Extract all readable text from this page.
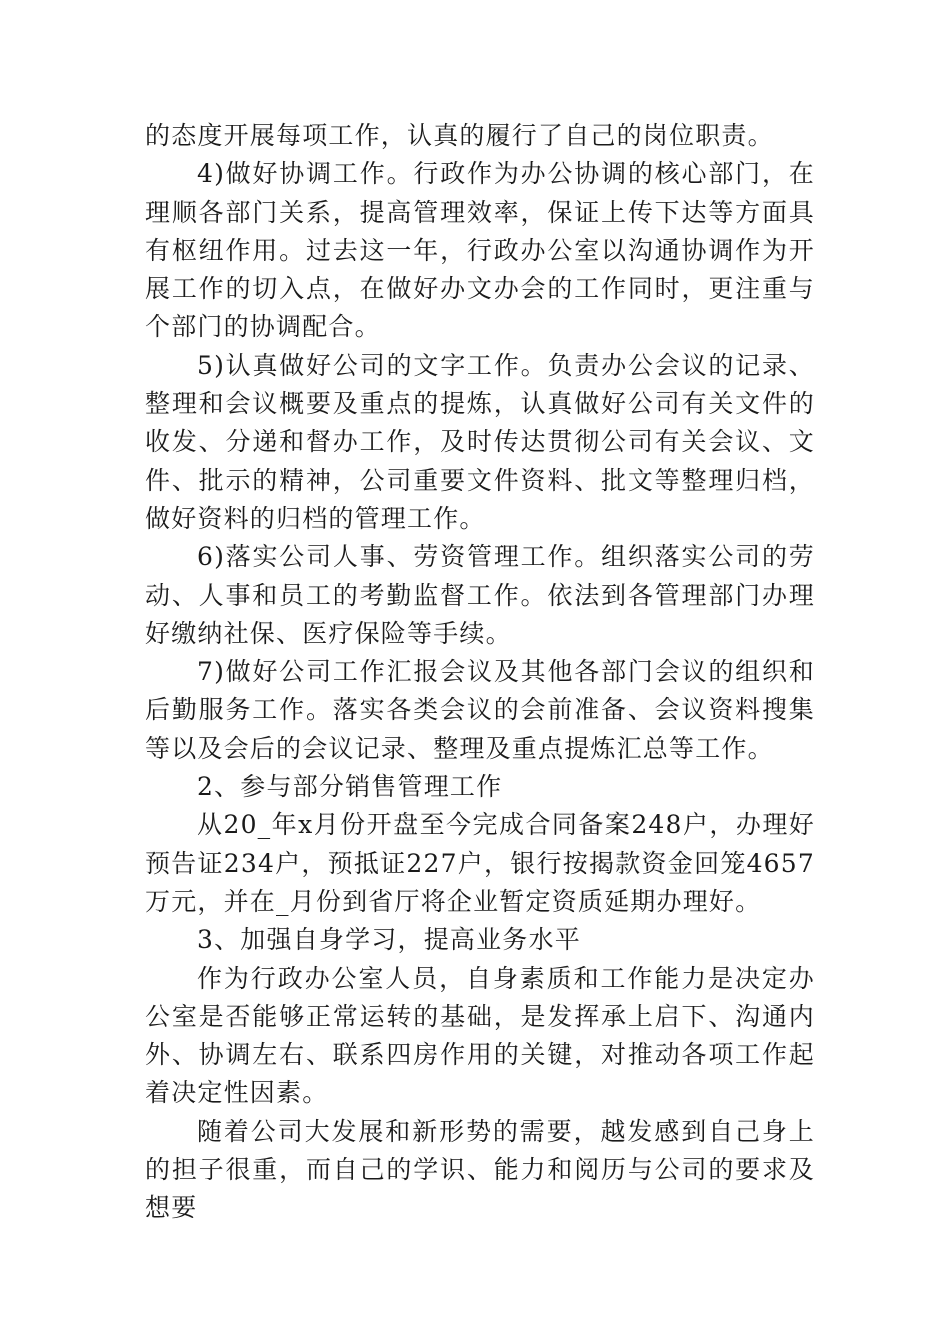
的态度开展每项工作，认真的履行了自己的岗位职责。

4)做好协调工作。行政作为办公协调的核心部门，在理顺各部门关系，提高管理效率，保证上传下达等方面具有枢纽作用。过去这一年，行政办公室以沟通协调作为开展工作的切入点，在做好办文办会的工作同时，更注重与个部门的协调配合。

5)认真做好公司的文字工作。负责办公会议的记录、整理和会议概要及重点的提炼，认真做好公司有关文件的收发、分递和督办工作，及时传达贯彻公司有关会议、文件、批示的精神，公司重要文件资料、批文等整理归档，做好资料的归档的管理工作。

6)落实公司人事、劳资管理工作。组织落实公司的劳动、人事和员工的考勤监督工作。依法到各管理部门办理好缴纳社保、医疗保险等手续。

7)做好公司工作汇报会议及其他各部门会议的组织和后勤服务工作。落实各类会议的会前准备、会议资料搜集等以及会后的会议记录、整理及重点提炼汇总等工作。

2、参与部分销售管理工作

从20_年x月份开盘至今完成合同备案248户，办理好预告证234户，预抵证227户，银行按揭款资金回笼4657万元，并在_月份到省厅将企业暂定资质延期办理好。

3、加强自身学习，提高业务水平

作为行政办公室人员，自身素质和工作能力是决定办公室是否能够正常运转的基础，是发挥承上启下、沟通内外、协调左右、联系四房作用的关键，对推动各项工作起着决定性因素。

随着公司大发展和新形势的需要，越发感到自己身上的担子很重，而自己的学识、能力和阅历与公司的要求及想要
